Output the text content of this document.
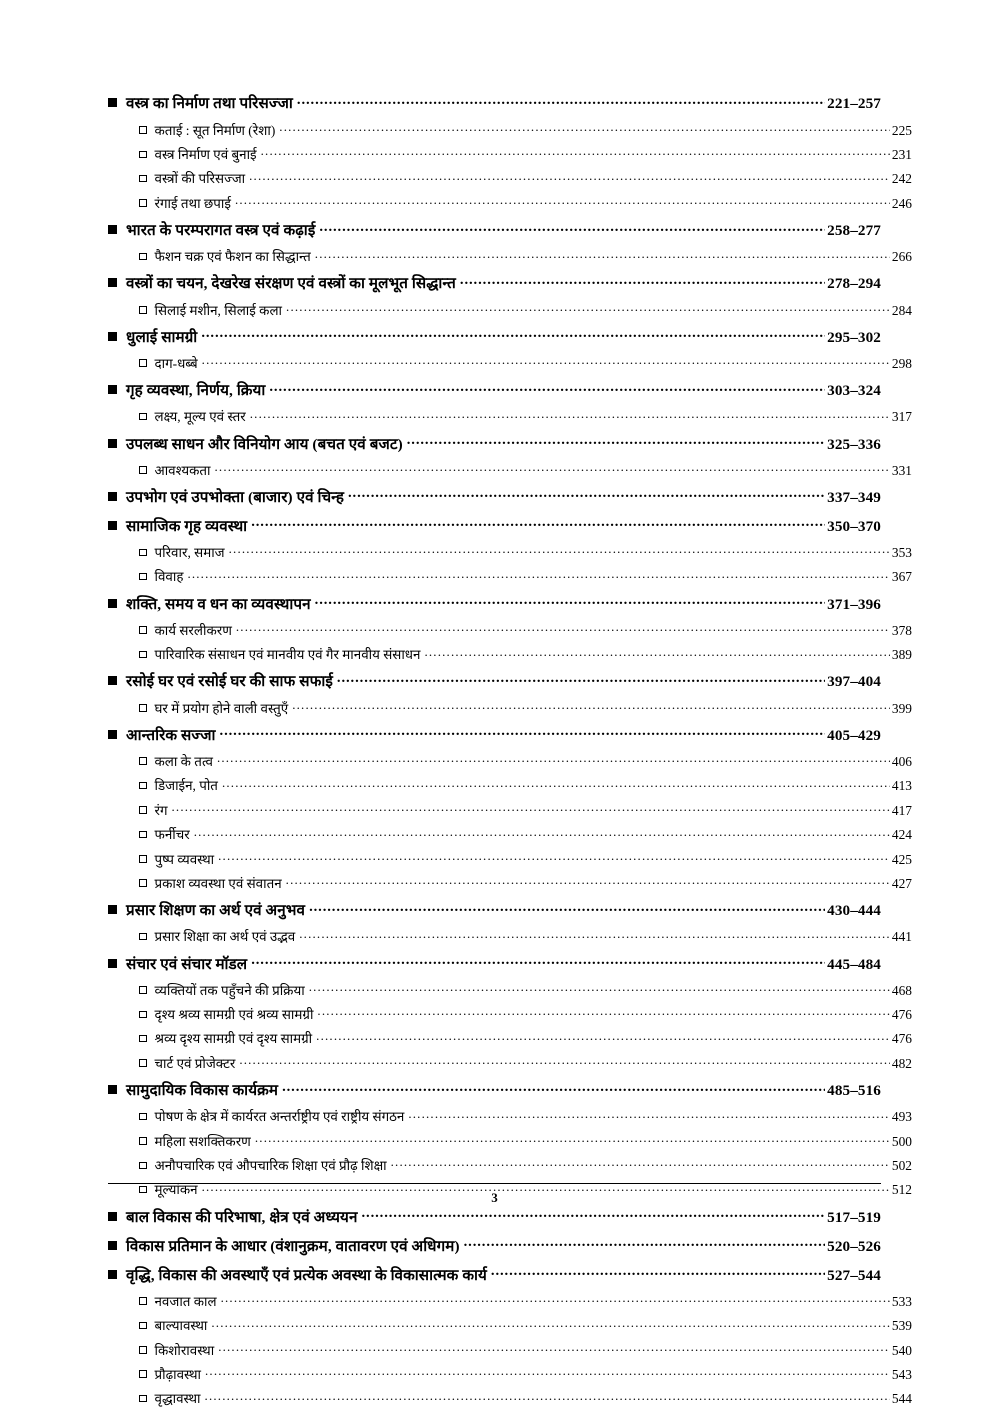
वस्त्र का निर्माण तथा परिसज्जा .....	221–257
कताई : सूत निर्माण (रेशा) .....	225
वस्त्र निर्माण एवं बुनाई .....	231
वस्त्रों की परिसज्जा .....	242
रंगाई तथा छपाई .....	246
भारत के परम्परागत वस्त्र एवं कढ़ाई .....	258–277
फैशन चक्र एवं फैशन का सिद्धान्त .....	266
वस्त्रों का चयन, देखरेख संरक्षण एवं वस्त्रों का मूलभूत सिद्धान्त .....	278–294
सिलाई मशीन, सिलाई कला .....	284
धुलाई सामग्री .....	295–302
दाग-धब्बे .....	298
गृह व्यवस्था, निर्णय, क्रिया .....	303–324
लक्ष्य, मूल्य एवं स्तर .....	317
उपलब्ध साधन और विनियोग आय (बचत एवं बजट) .....	325–336
आवश्यकता .....	331
उपभोग एवं उपभोक्ता (बाजार) एवं चिन्ह .....	337–349
सामाजिक गृह व्यवस्था .....	350–370
परिवार, समाज .....	353
विवाह .....	367
शक्ति, समय व धन का व्यवस्थापन .....	371–396
कार्य सरलीकरण .....	378
पारिवारिक संसाधन एवं मानवीय एवं गैर मानवीय संसाधन .....	389
रसोई घर एवं रसोई घर की साफ सफाई .....	397–404
घर में प्रयोग होने वाली वस्तुएँ .....	399
आन्तरिक सज्जा .....	405–429
कला के तत्व .....	406
डिजाईन, पोत .....	413
रंग .....	417
फर्नीचर .....	424
पुष्प व्यवस्था .....	425
प्रकाश व्यवस्था एवं संवातन .....	427
प्रसार शिक्षण का अर्थ एवं अनुभव .....	430–444
प्रसार शिक्षा का अर्थ एवं उद्भव .....	441
संचार एवं संचार मॉडल .....	445–484
व्यक्तियों तक पहुँचने की प्रक्रिया .....	468
दृश्य श्रव्य सामग्री एवं श्रव्य सामग्री .....	476
श्रव्य दृश्य सामग्री एवं दृश्य सामग्री .....	476
चार्ट एवं प्रोजेक्टर .....	482
सामुदायिक विकास कार्यक्रम .....	485–516
पोषण के क्षेत्र में कार्यरत अन्तर्राष्ट्रीय एवं राष्ट्रीय संगठन .....	493
महिला सशक्तिकरण .....	500
अनौपचारिक एवं औपचारिक शिक्षा एवं प्रौढ़ शिक्षा .....	502
मूल्यांकन .....	512
बाल विकास की परिभाषा, क्षेत्र एवं अध्ययन .....	517–519
विकास प्रतिमान के आधार (वंशानुक्रम, वातावरण एवं अधिगम) .....	520–526
वृद्धि, विकास की अवस्थाएँ एवं प्रत्येक अवस्था के विकासात्मक कार्य .....	527–544
नवजात काल .....	533
बाल्यावस्था .....	539
किशोरावस्था .....	540
प्रौढ़ावस्था .....	543
वृद्धावस्था .....	544
3
